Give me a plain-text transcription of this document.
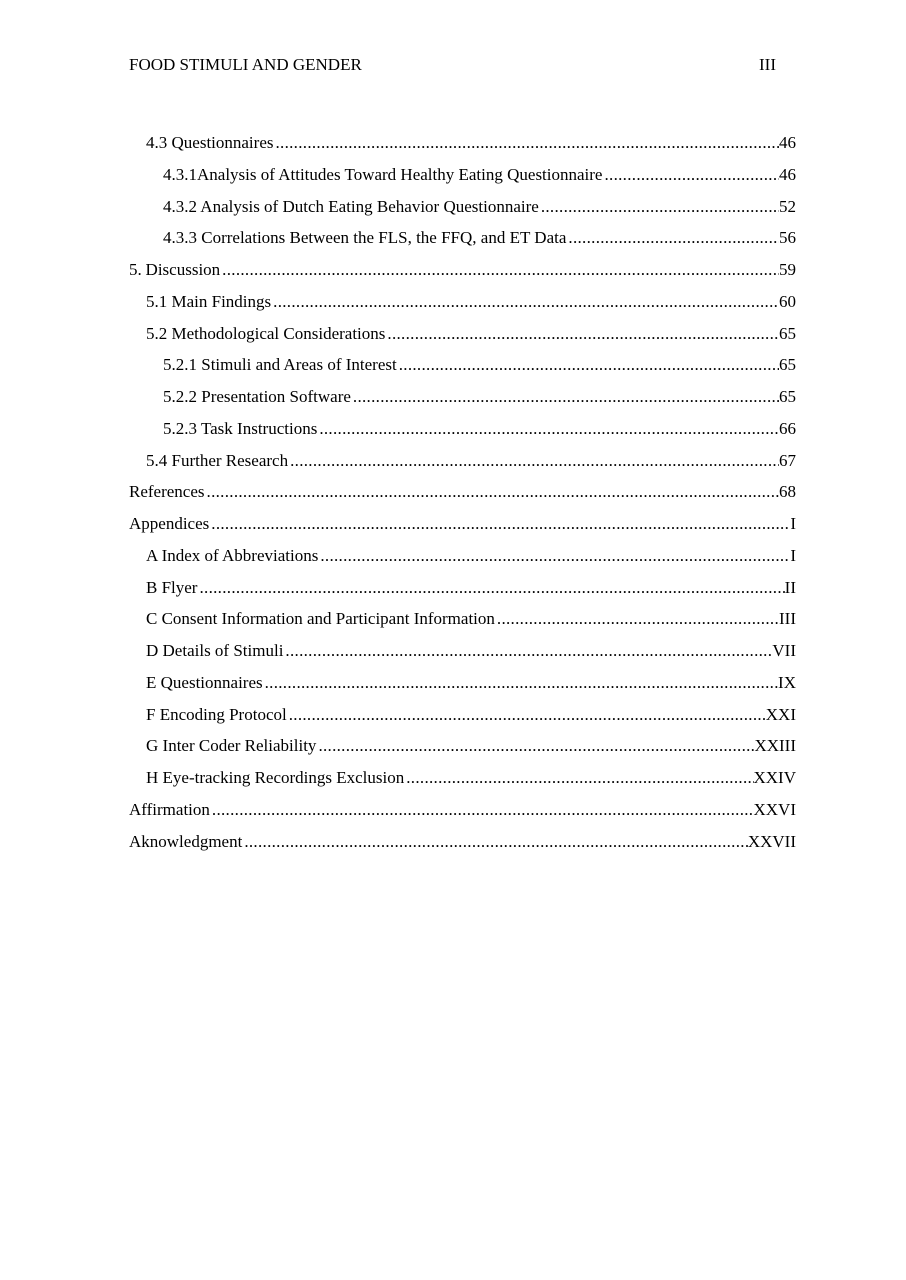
FOOD STIMULI AND GENDER	III
4.3 Questionnaires .....	46
4.3.1 Analysis of Attitudes Toward Healthy Eating Questionnaire .....	46
4.3.2 Analysis of Dutch Eating Behavior Questionnaire .....	52
4.3.3 Correlations Between the FLS, the FFQ, and ET Data .....	56
5. Discussion .....	59
5.1 Main Findings .....	60
5.2 Methodological Considerations .....	65
5.2.1 Stimuli and Areas of Interest .....	65
5.2.2 Presentation Software .....	65
5.2.3 Task Instructions .....	66
5.4 Further Research .....	67
References .....	68
Appendices .....	I
A Index of Abbreviations .....	I
B Flyer .....	II
C Consent Information and Participant Information .....	III
D Details of Stimuli .....	VII
E Questionnaires .....	IX
F Encoding Protocol .....	XXI
G Inter Coder Reliability .....	XXIII
H Eye-tracking Recordings Exclusion .....	XXIV
Affirmation .....	XXVI
Aknowledgment .....	XXVII
